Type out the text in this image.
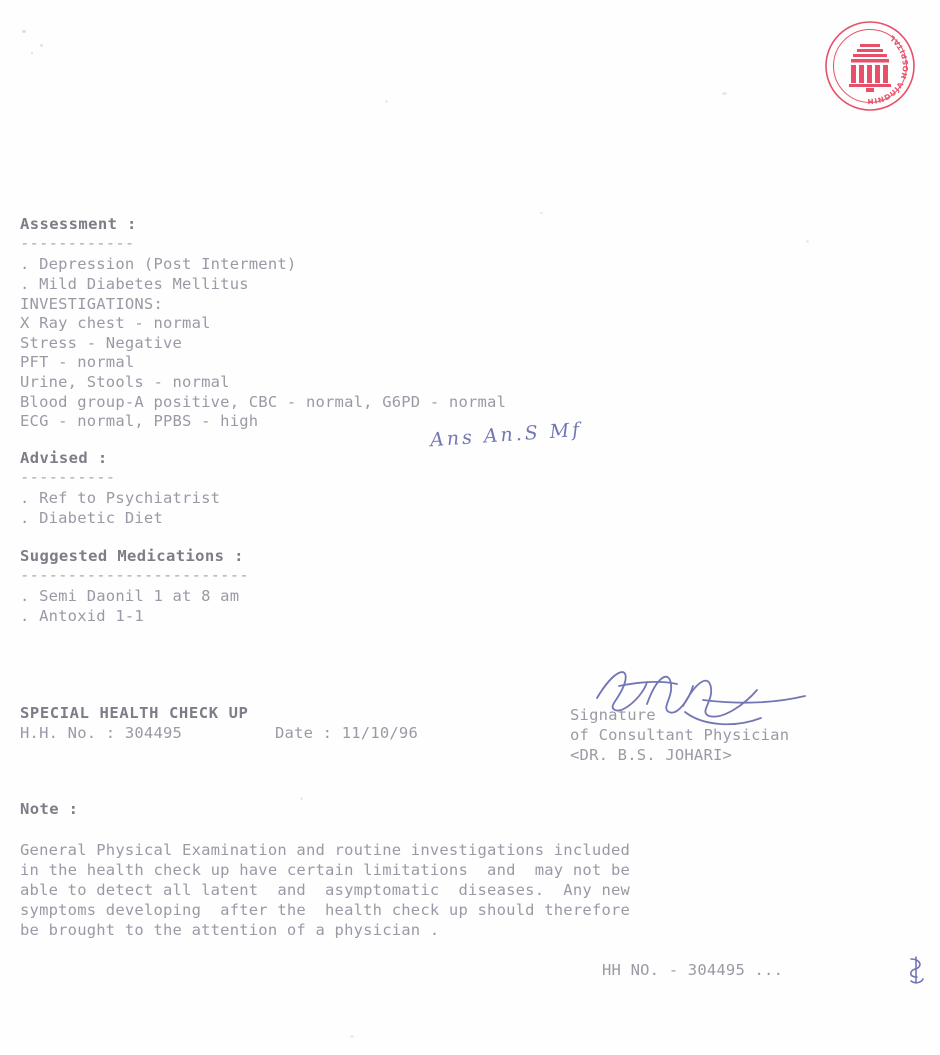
HINDUJA HOSPITAL
Assessment :
------------
. Depression (Post Interment)
. Mild Diabetes Mellitus
INVESTIGATIONS:
X Ray chest - normal
Stress - Negative
PFT - normal
Urine, Stools - normal
Blood group-A positive, CBC - normal, G6PD - normal
ECG - normal, PPBS - high	Ans An.S Mf
Advised :
----------
. Ref to Psychiatrist
. Diabetic Diet
Suggested Medications :
------------------------
. Semi Daonil 1 at 8 am
. Antoxid 1-1
SPECIAL HEALTH CHECK UP
H.H. No. : 304495	Date : 11/10/96
Signature
of Consultant Physician
<DR. B.S. JOHARI>
Note :
General Physical Examination and routine investigations included
in the health check up have certain limitations  and  may not be
able to detect all latent  and  asymptomatic  diseases.  Any new
symptoms developing  after the  health check up should therefore
be brought to the attention of a physician .
HH NO. - 304495 ...
